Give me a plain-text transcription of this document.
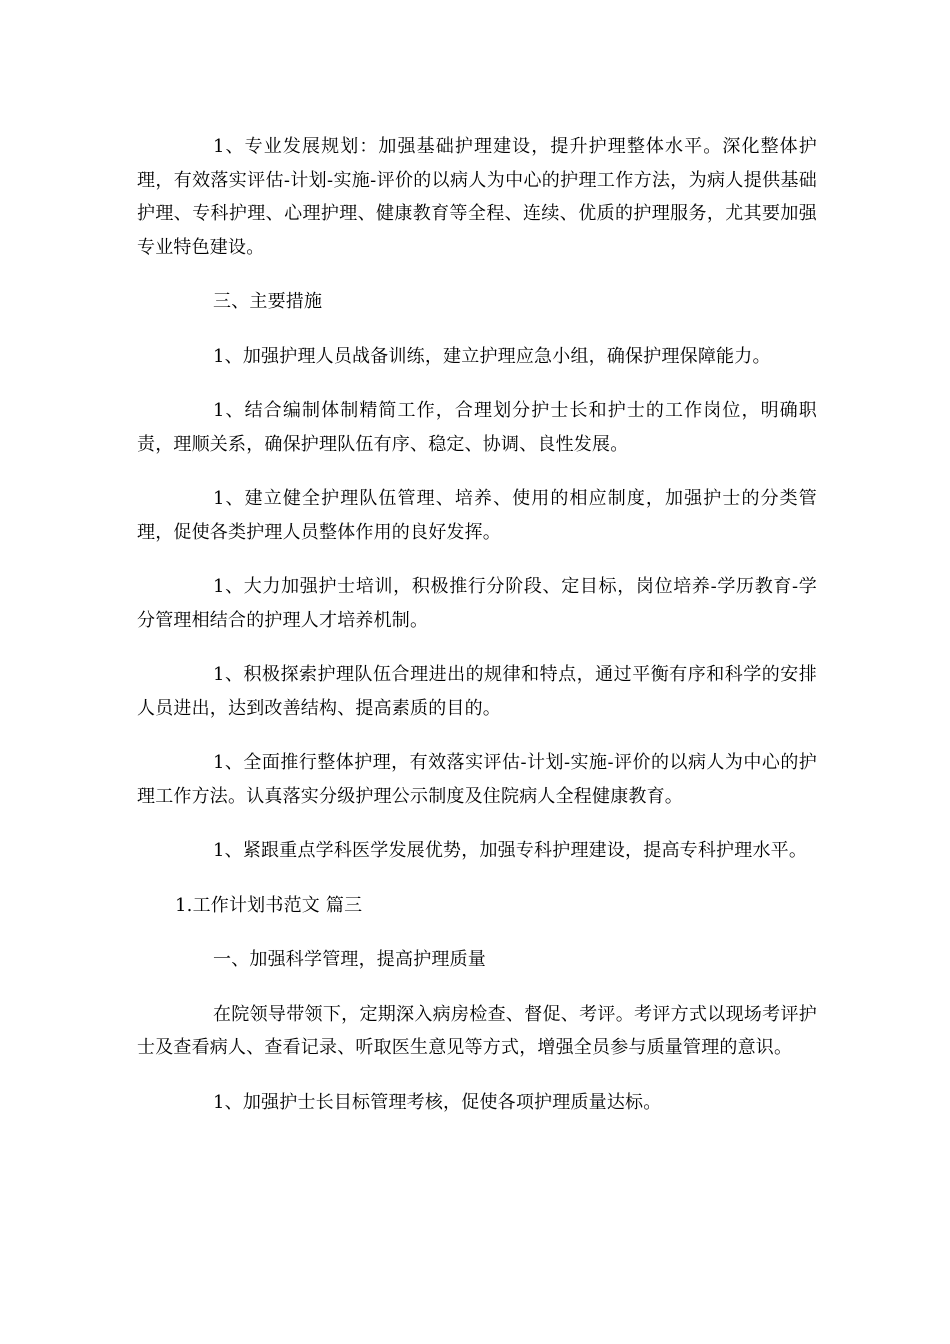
1、专业发展规划：加强基础护理建设，提升护理整体水平。深化整体护理，有效落实评估-计划-实施-评价的以病人为中心的护理工作方法，为病人提供基础护理、专科护理、心理护理、健康教育等全程、连续、优质的护理服务，尤其要加强专业特色建设。

三、主要措施

1、加强护理人员战备训练，建立护理应急小组，确保护理保障能力。

1、结合编制体制精简工作，合理划分护士长和护士的工作岗位，明确职责，理顺关系，确保护理队伍有序、稳定、协调、良性发展。

1、建立健全护理队伍管理、培养、使用的相应制度，加强护士的分类管理，促使各类护理人员整体作用的良好发挥。

1、大力加强护士培训，积极推行分阶段、定目标，岗位培养-学历教育-学分管理相结合的护理人才培养机制。

1、积极探索护理队伍合理进出的规律和特点，通过平衡有序和科学的安排人员进出，达到改善结构、提高素质的目的。

1、全面推行整体护理，有效落实评估-计划-实施-评价的以病人为中心的护理工作方法。认真落实分级护理公示制度及住院病人全程健康教育。

1、紧跟重点学科医学发展优势，加强专科护理建设，提高专科护理水平。

1.工作计划书范文 篇三

一、加强科学管理，提高护理质量

在院领导带领下，定期深入病房检查、督促、考评。考评方式以现场考评护士及查看病人、查看记录、听取医生意见等方式，增强全员参与质量管理的意识。

1、加强护士长目标管理考核，促使各项护理质量达标。
